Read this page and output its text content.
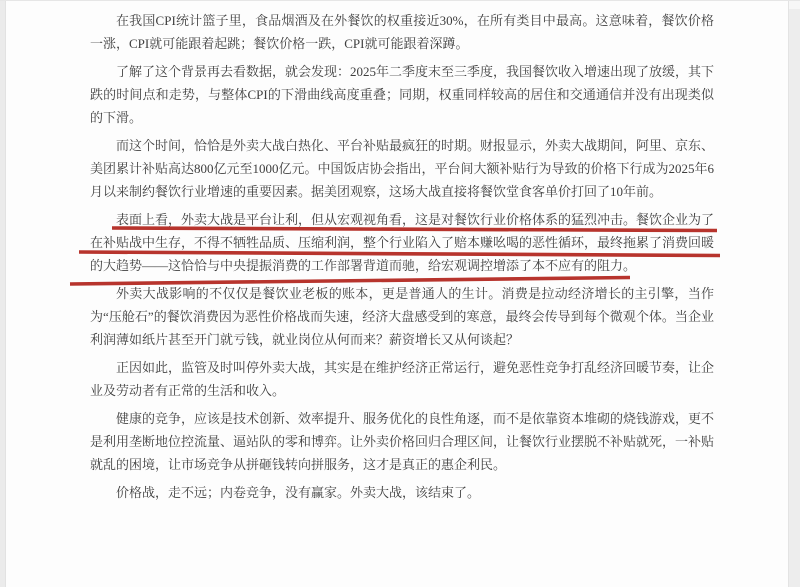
在我国CPI统计篮子里，食品烟酒及在外餐饮的权重接近30%，在所有类目中最高。这意味着，餐饮价格一涨，CPI就可能跟着起跳；餐饮价格一跌，CPI就可能跟着深蹲。

了解了这个背景再去看数据，就会发现：2025年二季度末至三季度，我国餐饮收入增速出现了放缓，其下跌的时间点和走势，与整体CPI的下滑曲线高度重叠；同期，权重同样较高的居住和交通通信并没有出现类似的下滑。

而这个时间，恰恰是外卖大战白热化、平台补贴最疯狂的时期。财报显示，外卖大战期间，阿里、京东、美团累计补贴高达800亿元至1000亿元。中国饭店协会指出，平台间大额补贴行为导致的价格下行成为2025年6月以来制约餐饮行业增速的重要因素。据美团观察，这场大战直接将餐饮堂食客单价打回了10年前。

表面上看，外卖大战是平台让利，但从宏观视角看，这是对餐饮行业价格体系的猛烈冲击。餐饮企业为了在补贴战中生存，不得不牺牲品质、压缩利润，整个行业陷入了赔本赚吆喝的恶性循环，最终拖累了消费回暖的大趋势——这恰恰与中央提振消费的工作部署背道而驰，给宏观调控增添了本不应有的阻力。

外卖大战影响的不仅仅是餐饮业老板的账本，更是普通人的生计。消费是拉动经济增长的主引擎，当作为“压舱石”的餐饮消费因为恶性价格战而失速，经济大盘感受到的寒意，最终会传导到每个微观个体。当企业利润薄如纸片甚至开门就亏钱，就业岗位从何而来？薪资增长又从何谈起？

正因如此，监管及时叫停外卖大战，其实是在维护经济正常运行，避免恶性竞争打乱经济回暖节奏，让企业及劳动者有正常的生活和收入。

健康的竞争，应该是技术创新、效率提升、服务优化的良性角逐，而不是依靠资本堆砌的烧钱游戏，更不是利用垄断地位控流量、逼站队的零和博弈。让外卖价格回归合理区间，让餐饮行业摆脱不补贴就死，一补贴就乱的困境，让市场竞争从拼砸钱转向拼服务，这才是真正的惠企利民。

价格战，走不远；内卷竞争，没有赢家。外卖大战，该结束了。
